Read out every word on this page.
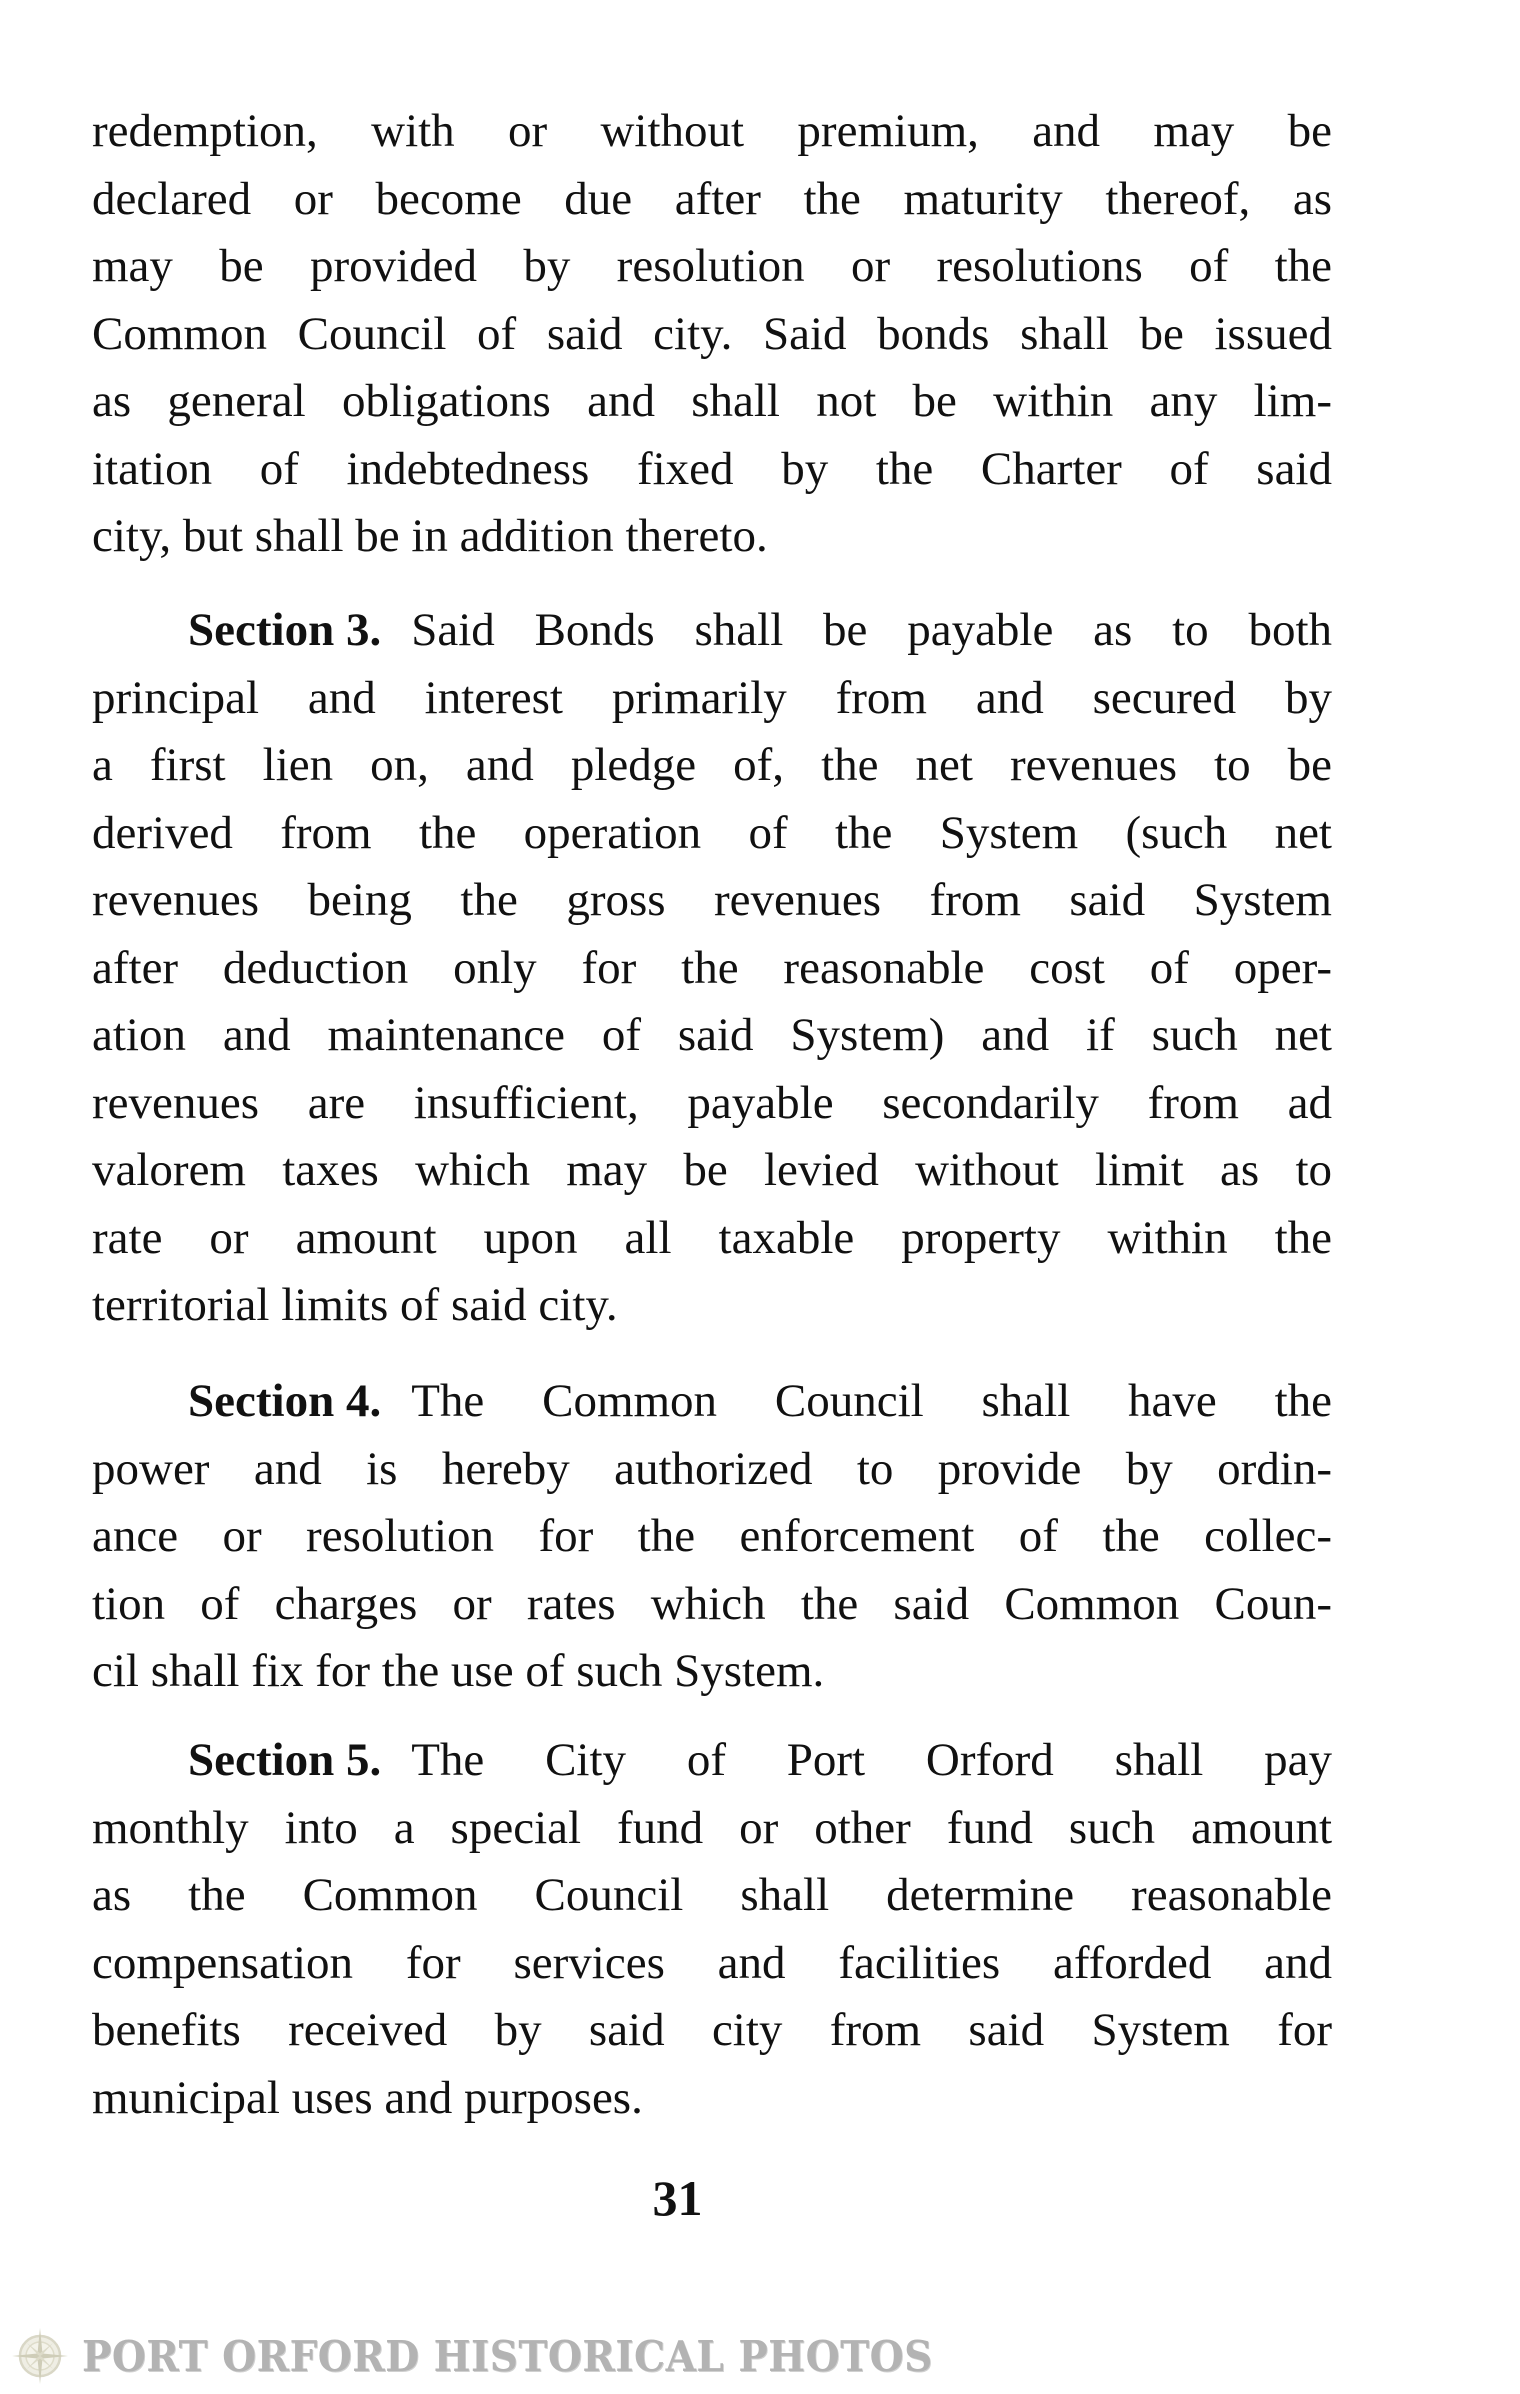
redemption, with or without premium, and may be
declared or become due after the maturity thereof, as
may be provided by resolution or resolutions of the
Common Council of said city. Said bonds shall be issued
as general obligations and shall not be within any lim-
itation of indebtedness fixed by the Charter of said
city, but shall be in addition thereto.
Section 3. Said Bonds shall be payable as to both
principal and interest primarily from and secured by
a first lien on, and pledge of, the net revenues to be
derived from the operation of the System (such net
revenues being the gross revenues from said System
after deduction only for the reasonable cost of oper-
ation and maintenance of said System) and if such net
revenues are insufficient, payable secondarily from ad
valorem taxes which may be levied without limit as to
rate or amount upon all taxable property within the
territorial limits of said city.
Section 4. The Common Council shall have the
power and is hereby authorized to provide by ordin-
ance or resolution for the enforcement of the collec-
tion of charges or rates which the said Common Coun-
cil shall fix for the use of such System.
Section 5. The City of Port Orford shall pay
monthly into a special fund or other fund such amount
as the Common Council shall determine reasonable
compensation for services and facilities afforded and
benefits received by said city from said System for
municipal uses and purposes.
31
PORT ORFORD HISTORICAL PHOTOS
